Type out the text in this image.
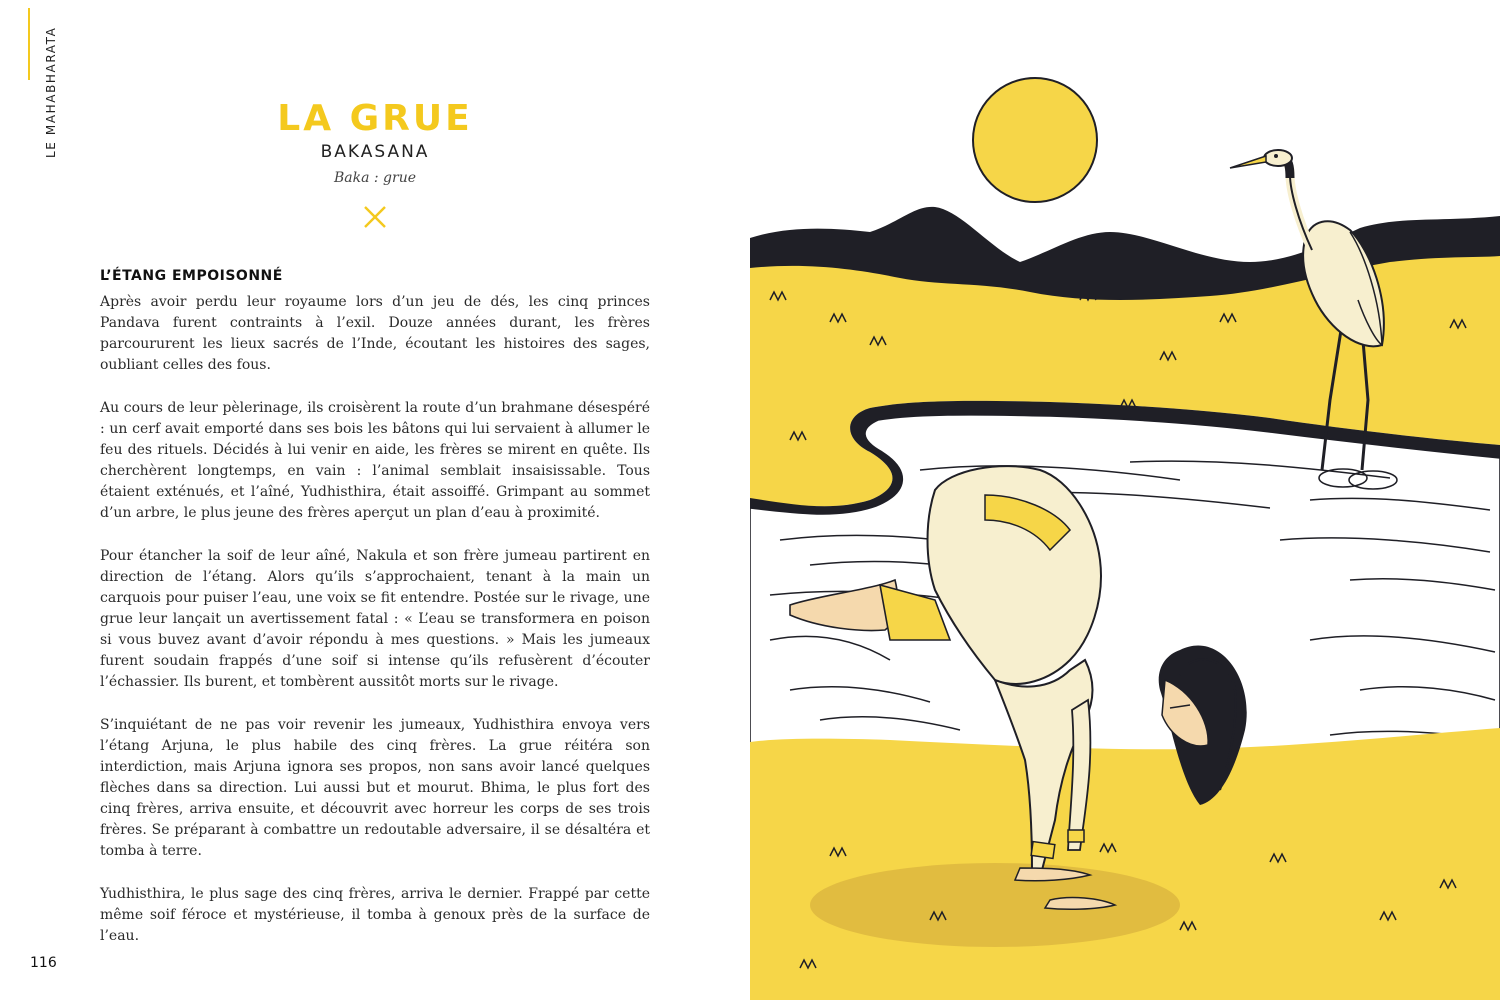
LE MAHABHARATA	LA GRUE
BAKASANA
Baka : grue
L’ÉTANG EMPOISONNÉ

Après avoir perdu leur royaume lors d’un jeu de dés, les cinq princes Pandava furent contraints à l’exil. Douze années durant, les frères parcoururent les lieux sacrés de l’Inde, écoutant les histoires des sages, oubliant celles des fous.

Au cours de leur pèlerinage, ils croisèrent la route d’un brahmane désespéré : un cerf avait emporté dans ses bois les bâtons qui lui servaient à allumer le feu des rituels. Décidés à lui venir en aide, les frères se mirent en quête. Ils cherchèrent longtemps, en vain : l’animal semblait insaisissable. Tous étaient exténués, et l’aîné, Yudhisthira, était assoiffé. Grimpant au sommet d’un arbre, le plus jeune des frères aperçut un plan d’eau à proximité.

Pour étancher la soif de leur aîné, Nakula et son frère jumeau partirent en direction de l’étang. Alors qu’ils s’approchaient, tenant à la main un carquois pour puiser l’eau, une voix se fit entendre. Postée sur le rivage, une grue leur lançait un avertissement fatal : « L’eau se transformera en poison si vous buvez avant d’avoir répondu à mes questions. » Mais les jumeaux furent soudain frappés d’une soif si intense qu’ils refusèrent d’écouter l’échassier. Ils burent, et tombèrent aussitôt morts sur le rivage.

S’inquiétant de ne pas voir revenir les jumeaux, Yudhisthira envoya vers l’étang Arjuna, le plus habile des cinq frères. La grue réitéra son interdiction, mais Arjuna ignora ses propos, non sans avoir lancé quelques flèches dans sa direction. Lui aussi but et mourut. Bhima, le plus fort des cinq frères, arriva ensuite, et découvrit avec horreur les corps de ses trois frères. Se préparant à combattre un redoutable adversaire, il se désaltéra et tomba à terre.

Yudhisthira, le plus sage des cinq frères, arriva le dernier. Frappé par cette même soif féroce et mystérieuse, il tomba à genoux près de la surface de l’eau.

116
